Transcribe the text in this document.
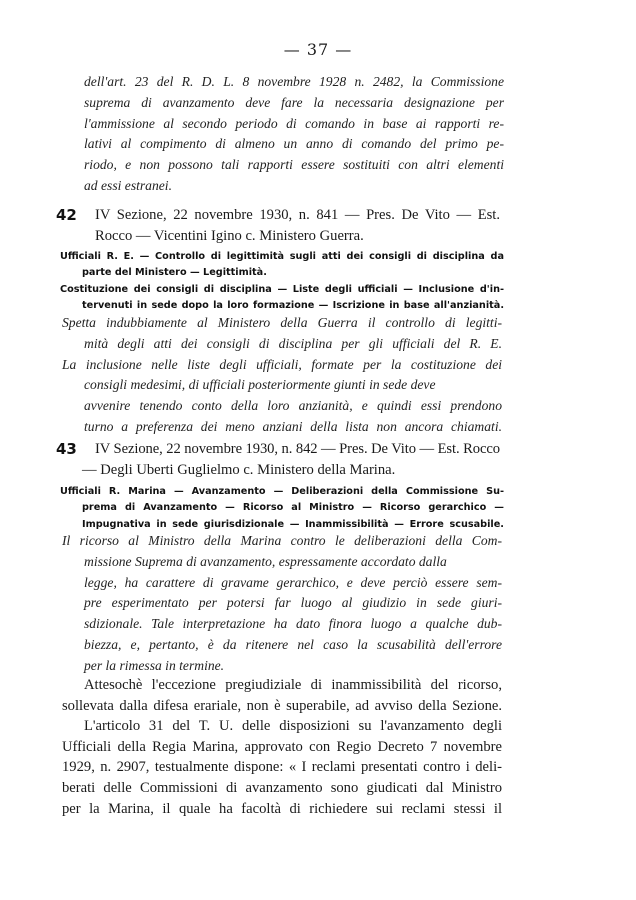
— 37 —
dell'art. 23 del R. D. L. 8 novembre 1928 n. 2482, la Commissione
suprema di avanzamento deve fare la necessaria designazione per
l'ammissione al secondo periodo di comando in base ai rapporti re-
lativi al compimento di almeno un anno di comando del primo pe-
riodo, e non possono tali rapporti essere sostituiti con altri elementi
ad essi estranei.
42 IV Sezione, 22 novembre 1930, n. 841 — Pres. De Vito — Est.
Rocco — Vicentini Igino c. Ministero Guerra.
Ufficiali R. E. — Controllo di legittimità sugli atti dei consigli di disciplina da
parte del Ministero — Legittimità.
Costituzione dei consigli di disciplina — Liste degli ufficiali — Inclusione d'in-
tervenuti in sede dopo la loro formazione — Iscrizione in base all'anzianità.
Spetta indubbiamente al Ministero della Guerra il controllo di legitti-
mità degli atti dei consigli di disciplina per gli ufficiali del R. E.
La inclusione nelle liste degli ufficiali, formate per la costituzione dei
consigli medesimi, di ufficiali posteriormente giunti in sede deve
avvenire tenendo conto della loro anzianità, e quindi essi prendono
turno a preferenza dei meno anziani della lista non ancora chiamati.
43 IV Sezione, 22 novembre 1930, n. 842 — Pres. De Vito — Est. Rocco
— Degli Uberti Guglielmo c. Ministero della Marina.
Ufficiali R. Marina — Avanzamento — Deliberazioni della Commissione Su-
prema di Avanzamento — Ricorso al Ministro — Ricorso gerarchico —
Impugnativa in sede giurisdizionale — Inammissibilità — Errore scusabile.
Il ricorso al Ministro della Marina contro le deliberazioni della Com-
missione Suprema di avanzamento, espressamente accordato dalla
legge, ha carattere di gravame gerarchico, e deve perciò essere sem-
pre esperimentato per potersi far luogo al giudizio in sede giuri-
sdizionale. Tale interpretazione ha dato finora luogo a qualche dub-
biezza, e, pertanto, è da ritenere nel caso la scusabilità dell'errore
per la rimessa in termine.
Attesochè l'eccezione pregiudiziale di inammissibilità del ricorso,
sollevata dalla difesa erariale, non è superabile, ad avviso della Sezione.
L'articolo 31 del T. U. delle disposizioni su l'avanzamento degli
Ufficiali della Regia Marina, approvato con Regio Decreto 7 novembre
1929, n. 2907, testualmente dispone: « I reclami presentati contro i deli-
berati delle Commissioni di avanzamento sono giudicati dal Ministro
per la Marina, il quale ha facoltà di richiedere sui reclami stessi il
